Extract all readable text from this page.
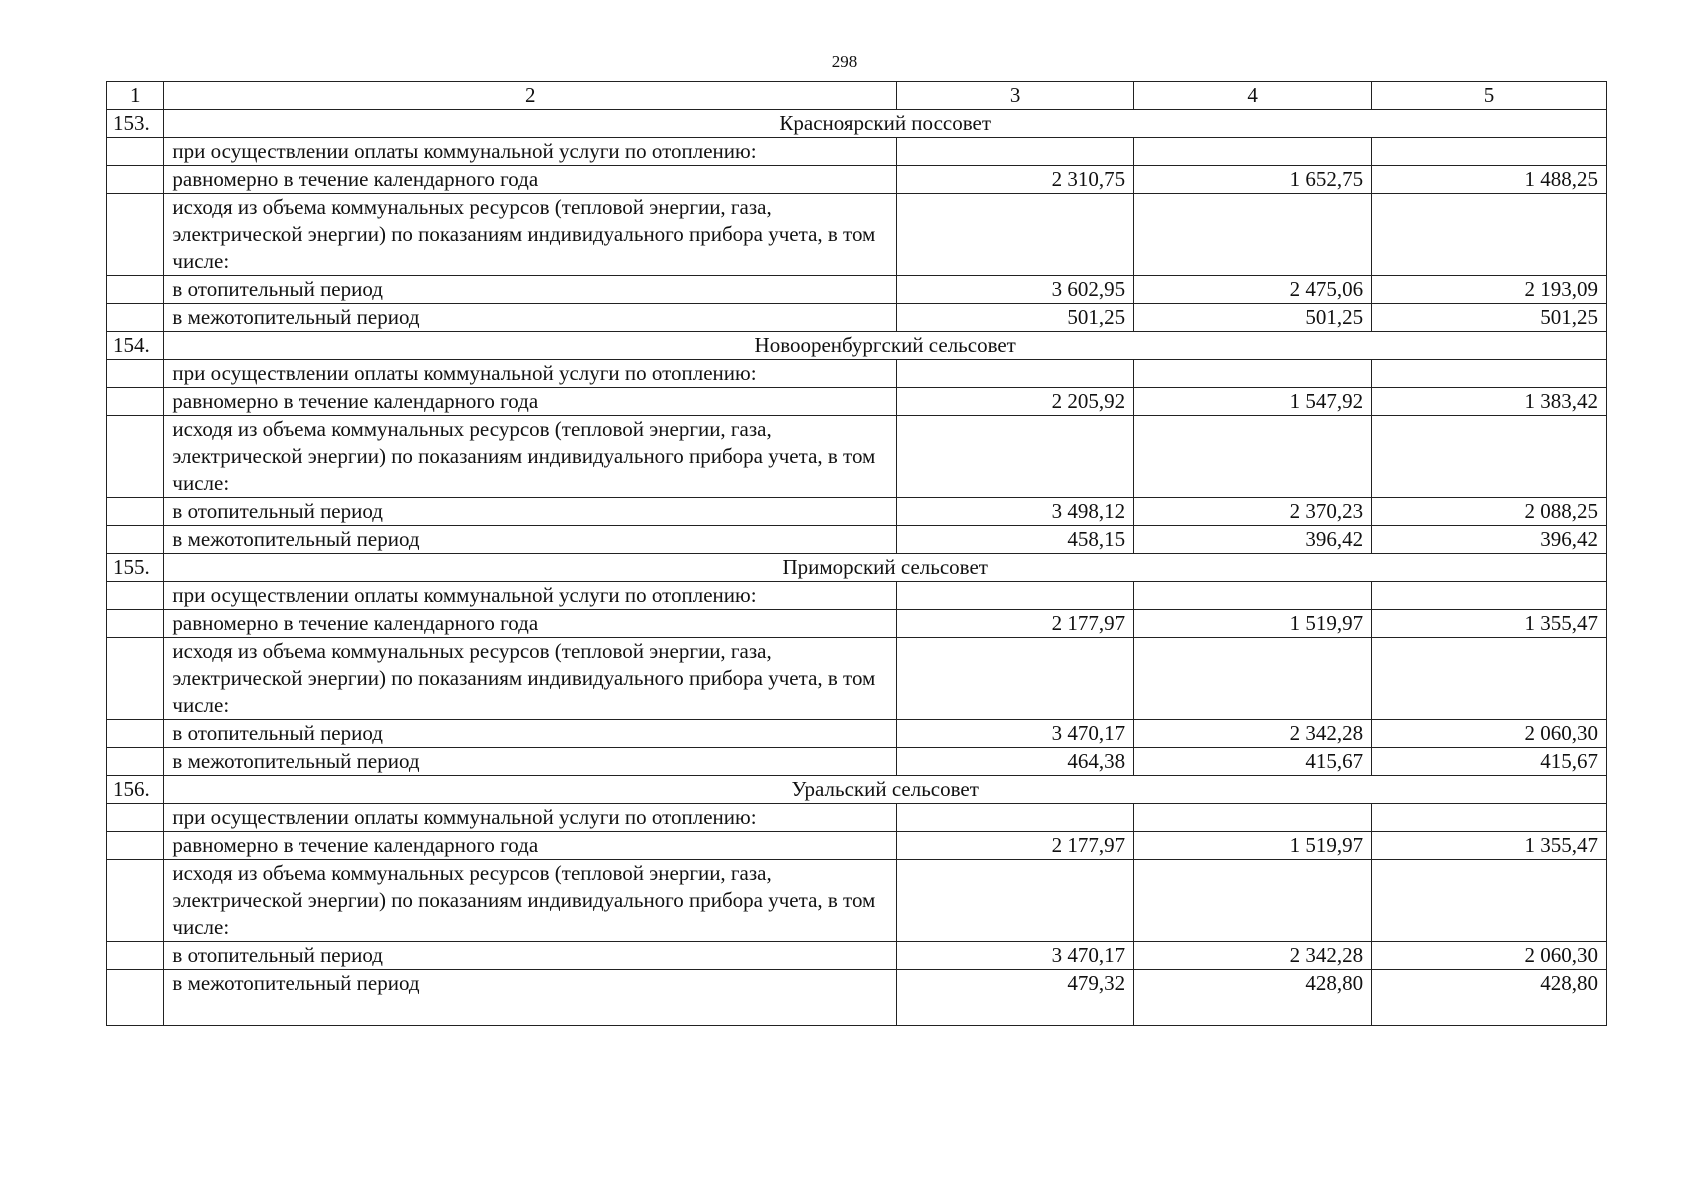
298
1	2	3	4	5
153.	Красноярский поссовет			
	при осуществлении оплаты коммунальной услуги по отоплению:			
	равномерно в течение календарного года	2 310,75	1 652,75	1 488,25
	исходя из объема коммунальных ресурсов (тепловой энергии, газа, электрической энергии) по показаниям индивидуального прибора учета, в том числе:			
	в отопительный период	3 602,95	2 475,06	2 193,09
	в межотопительный период	501,25	501,25	501,25
154.	Новооренбургский сельсовет			
	при осуществлении оплаты коммунальной услуги по отоплению:			
	равномерно в течение календарного года	2 205,92	1 547,92	1 383,42
	исходя из объема коммунальных ресурсов (тепловой энергии, газа, электрической энергии) по показаниям индивидуального прибора учета, в том числе:			
	в отопительный период	3 498,12	2 370,23	2 088,25
	в межотопительный период	458,15	396,42	396,42
155.	Приморский сельсовет			
	при осуществлении оплаты коммунальной услуги по отоплению:			
	равномерно в течение календарного года	2 177,97	1 519,97	1 355,47
	исходя из объема коммунальных ресурсов (тепловой энергии, газа, электрической энергии) по показаниям индивидуального прибора учета, в том числе:			
	в отопительный период	3 470,17	2 342,28	2 060,30
	в межотопительный период	464,38	415,67	415,67
156.	Уральский сельсовет			
	при осуществлении оплаты коммунальной услуги по отоплению:			
	равномерно в течение календарного года	2 177,97	1 519,97	1 355,47
	исходя из объема коммунальных ресурсов (тепловой энергии, газа, электрической энергии) по показаниям индивидуального прибора учета, в том числе:			
	в отопительный период	3 470,17	2 342,28	2 060,30
	в межотопительный период	479,32	428,80	428,80
